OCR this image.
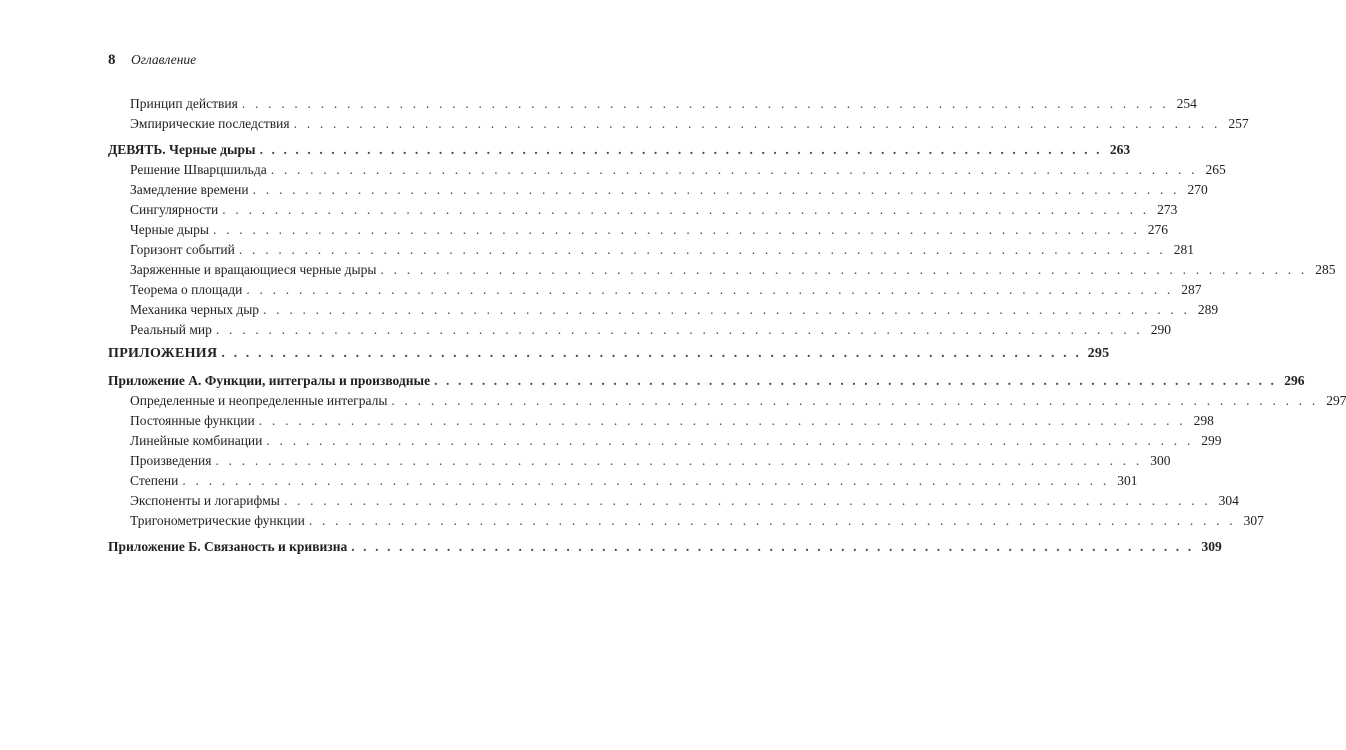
8 Оглавление
Принцип действия . . . . . . . . . . . . . . . . . . . . . . . . . . . . . . . . . . . . . . . . . . . . . . . . . . . . . . . . . . . . . . . . . . . . . . . 254
Эмпирические последствия . . . . . . . . . . . . . . . . . . . . . . . . . . . . . . . . . . . . . . . . . . . . . . . . . . . . . . . . . . . . . . . . . . . . . . . 257
ДЕВЯТЬ. Черные дыры . . . . . . . . . . . . . . . . . . . . . . . . . . . . . . . . . . . . . . . . . . . . . . . . . . . . . . . . . . . . . . . . . . . . . . . 263
Решение Шварцшильда . . . . . . . . . . . . . . . . . . . . . . . . . . . . . . . . . . . . . . . . . . . . . . . . . . . . . . . . . . . . . . . . . . . . . . . 265
Замедление времени . . . . . . . . . . . . . . . . . . . . . . . . . . . . . . . . . . . . . . . . . . . . . . . . . . . . . . . . . . . . . . . . . . . . . . . 270
Сингулярности . . . . . . . . . . . . . . . . . . . . . . . . . . . . . . . . . . . . . . . . . . . . . . . . . . . . . . . . . . . . . . . . . . . . . . . 273
Черные дыры . . . . . . . . . . . . . . . . . . . . . . . . . . . . . . . . . . . . . . . . . . . . . . . . . . . . . . . . . . . . . . . . . . . . . . . 276
Горизонт событий . . . . . . . . . . . . . . . . . . . . . . . . . . . . . . . . . . . . . . . . . . . . . . . . . . . . . . . . . . . . . . . . . . . . . . . 281
Заряженные и вращающиеся черные дыры . . . . . . . . . . . . . . . . . . . . . . . . . . . . . . . . . . . . . . . . . . . . . . . . . . . . . . . . . . . . . . . . . . . . . . . 285
Теорема о площади . . . . . . . . . . . . . . . . . . . . . . . . . . . . . . . . . . . . . . . . . . . . . . . . . . . . . . . . . . . . . . . . . . . . . . . 287
Механика черных дыр . . . . . . . . . . . . . . . . . . . . . . . . . . . . . . . . . . . . . . . . . . . . . . . . . . . . . . . . . . . . . . . . . . . . . . . 289
Реальный мир . . . . . . . . . . . . . . . . . . . . . . . . . . . . . . . . . . . . . . . . . . . . . . . . . . . . . . . . . . . . . . . . . . . . . . . 290
ПРИЛОЖЕНИЯ . . . . . . . . . . . . . . . . . . . . . . . . . . . . . . . . . . . . . . . . . . . . . . . . . . . . . . . . . . . . . . . . . . . . . . . 295
Приложение А. Функции, интегралы и производные . . . . . . . . . . . . . . . . . . . . . . . . . . . . . . . . . . . . . . . . . . . . . . . . . . . . . . . . . . . . . . . . . . . . . . . 296
Определенные и неопределенные интегралы . . . . . . . . . . . . . . . . . . . . . . . . . . . . . . . . . . . . . . . . . . . . . . . . . . . . . . . . . . . . . . . . . . . . . . . 297
Постоянные функции . . . . . . . . . . . . . . . . . . . . . . . . . . . . . . . . . . . . . . . . . . . . . . . . . . . . . . . . . . . . . . . . . . . . . . . 298
Линейные комбинации . . . . . . . . . . . . . . . . . . . . . . . . . . . . . . . . . . . . . . . . . . . . . . . . . . . . . . . . . . . . . . . . . . . . . . . 299
Произведения . . . . . . . . . . . . . . . . . . . . . . . . . . . . . . . . . . . . . . . . . . . . . . . . . . . . . . . . . . . . . . . . . . . . . . . 300
Степени . . . . . . . . . . . . . . . . . . . . . . . . . . . . . . . . . . . . . . . . . . . . . . . . . . . . . . . . . . . . . . . . . . . . . . . 301
Экспоненты и логарифмы . . . . . . . . . . . . . . . . . . . . . . . . . . . . . . . . . . . . . . . . . . . . . . . . . . . . . . . . . . . . . . . . . . . . . . . 304
Тригонометрические функции . . . . . . . . . . . . . . . . . . . . . . . . . . . . . . . . . . . . . . . . . . . . . . . . . . . . . . . . . . . . . . . . . . . . . . . 307
Приложение Б. Связаность и кривизна . . . . . . . . . . . . . . . . . . . . . . . . . . . . . . . . . . . . . . . . . . . . . . . . . . . . . . . . . . . . . . . . . . . . . . . 309
